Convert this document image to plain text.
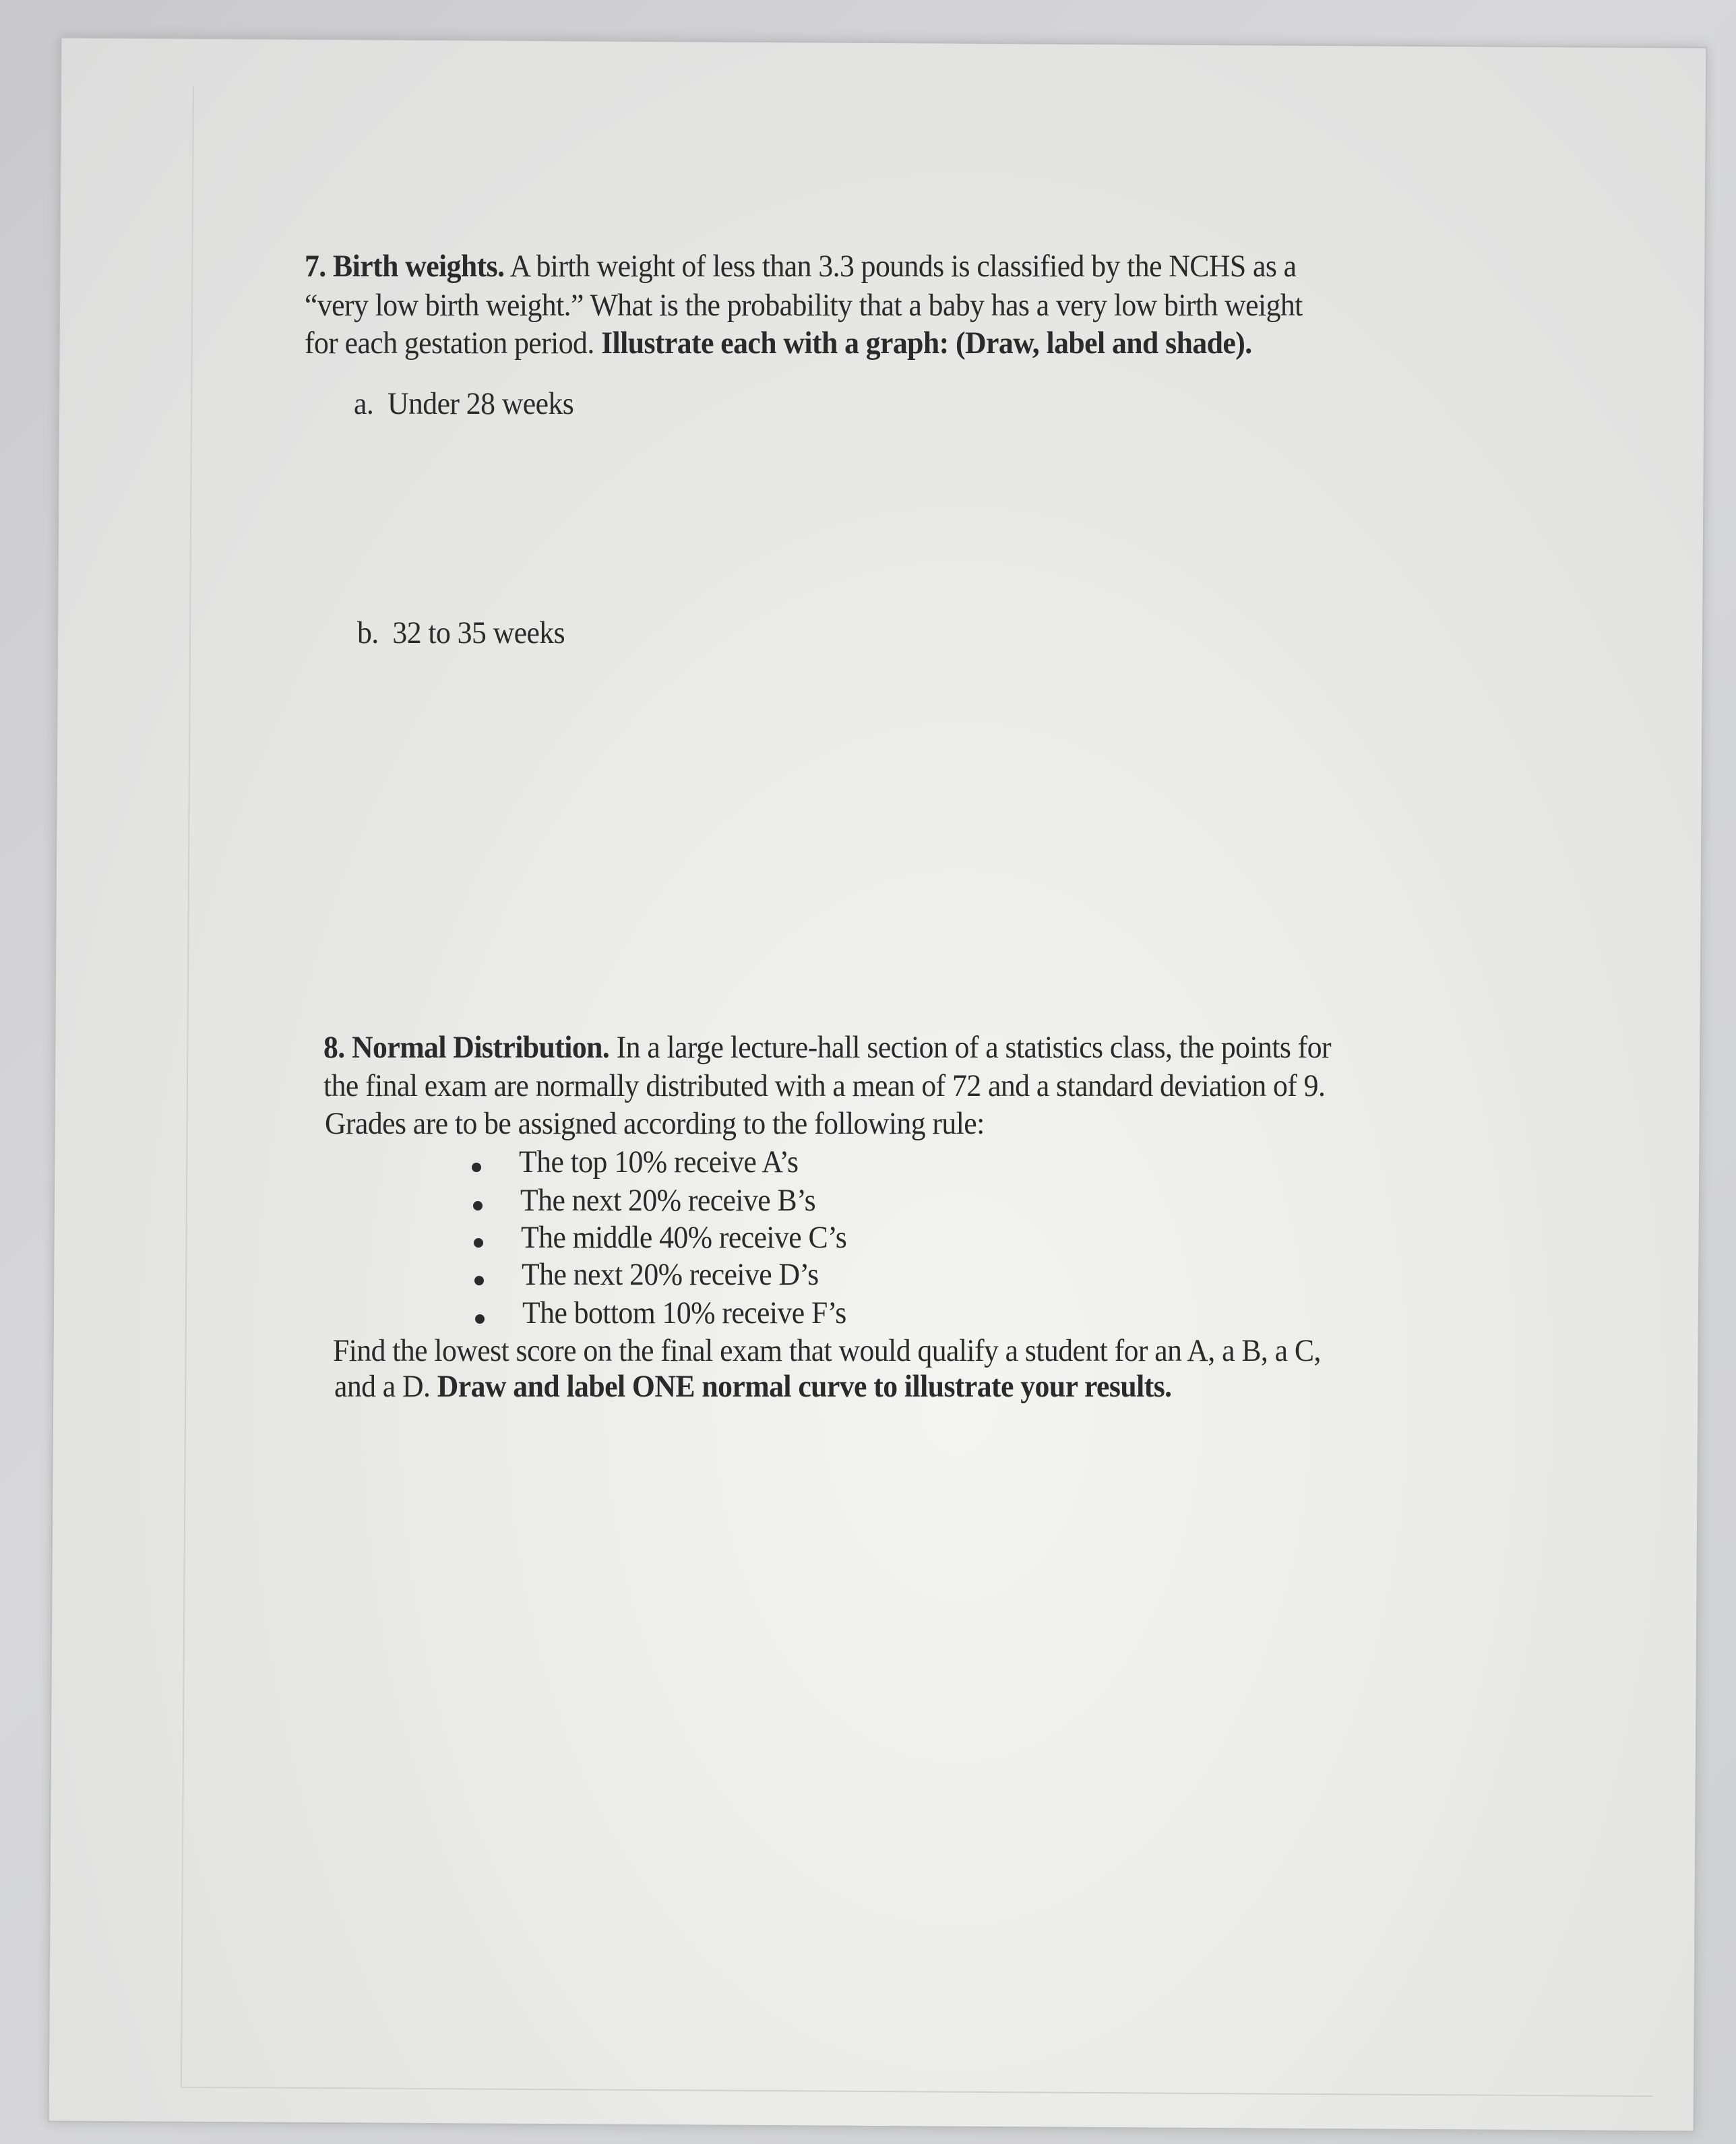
7. Birth weights. A birth weight of less than 3.3 pounds is classified by the NCHS as a
“very low birth weight.” What is the probability that a baby has a very low birth weight
for each gestation period. Illustrate each with a graph: (Draw, label and shade).
a. Under 28 weeks
b. 32 to 35 weeks
8. Normal Distribution. In a large lecture-hall section of a statistics class, the points for
the final exam are normally distributed with a mean of 72 and a standard deviation of 9.
Grades are to be assigned according to the following rule:
The top 10% receive A’s
The next 20% receive B’s
The middle 40% receive C’s
The next 20% receive D’s
The bottom 10% receive F’s
Find the lowest score on the final exam that would qualify a student for an A, a B, a C,
and a D. Draw and label ONE normal curve to illustrate your results.
